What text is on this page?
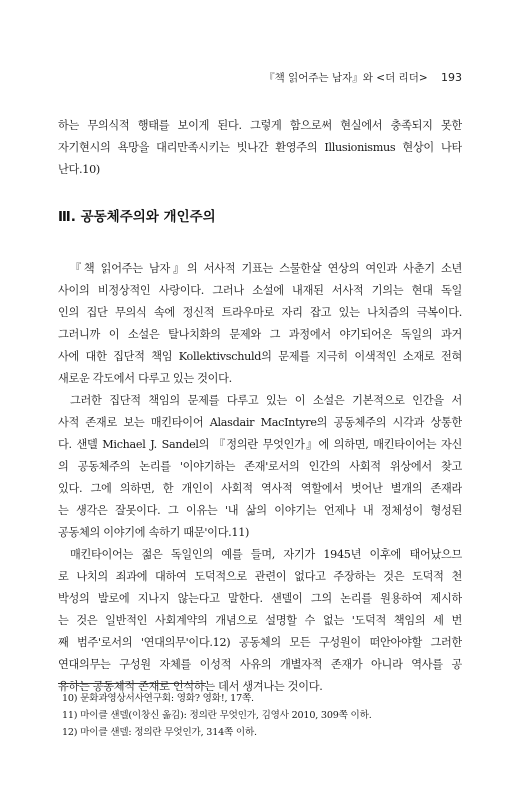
『책 읽어주는 남자』와 <더 리더> 193
하는 무의식적 행태를 보이게 된다. 그렇게 함으로써 현실에서 충족되지 못한
자기현시의 욕망을 대리만족시키는 빗나간 환영주의 Illusionismus 현상이 나타
난다.10)
Ⅲ. 공동체주의와 개인주의
『책 읽어주는 남자』의 서사적 기표는 스물한살 연상의 여인과 사춘기 소년
사이의 비정상적인 사랑이다. 그러나 소설에 내재된 서사적 기의는 현대 독일
인의 집단 무의식 속에 정신적 트라우마로 자리 잡고 있는 나치즘의 극복이다.
그러니까 이 소설은 탈나치화의 문제와 그 과정에서 야기되어온 독일의 과거
사에 대한 집단적 책임 Kollektivschuld의 문제를 지극히 이색적인 소재로 전혀
새로운 각도에서 다루고 있는 것이다.
그러한 집단적 책임의 문제를 다루고 있는 이 소설은 기본적으로 인간을 서
사적 존재로 보는 매킨타이어 Alasdair MacIntyre의 공동체주의 시각과 상통한
다. 샌델 Michael J. Sandel의 『정의란 무엇인가』에 의하면, 매킨타이어는 자신
의 공동체주의 논리를 '이야기하는 존재'로서의 인간의 사회적 위상에서 찾고
있다. 그에 의하면, 한 개인이 사회적 역사적 역할에서 벗어난 별개의 존재라
는 생각은 잘못이다. 그 이유는 '내 삶의 이야기는 언제나 내 정체성이 형성된
공동체의 이야기에 속하기 때문'이다.11)
매킨타이어는 젊은 독일인의 예를 들며, 자기가 1945년 이후에 태어났으므
로 나치의 죄과에 대하여 도덕적으로 관련이 없다고 주장하는 것은 도덕적 천
박성의 발로에 지나지 않는다고 말한다. 샌델이 그의 논리를 원용하여 제시하
는 것은 일반적인 사회계약의 개념으로 설명할 수 없는 '도덕적 책임의 세 번
째 범주'로서의 '연대의무'이다.12) 공동체의 모든 구성원이 떠안아야할 그러한
연대의무는 구성원 자체를 이성적 사유의 개별자적 존재가 아니라 역사를 공
유하는 공동체적 존재로 인식하는 데서 생겨나는 것이다.
10) 문화과영상서사연구회: 영화? 영화!, 17쪽.
11) 마이클 샌델(이창신 옮김): 정의란 무엇인가, 김영사 2010, 309쪽 이하.
12) 마이클 샌델: 정의란 무엇인가, 314쪽 이하.
